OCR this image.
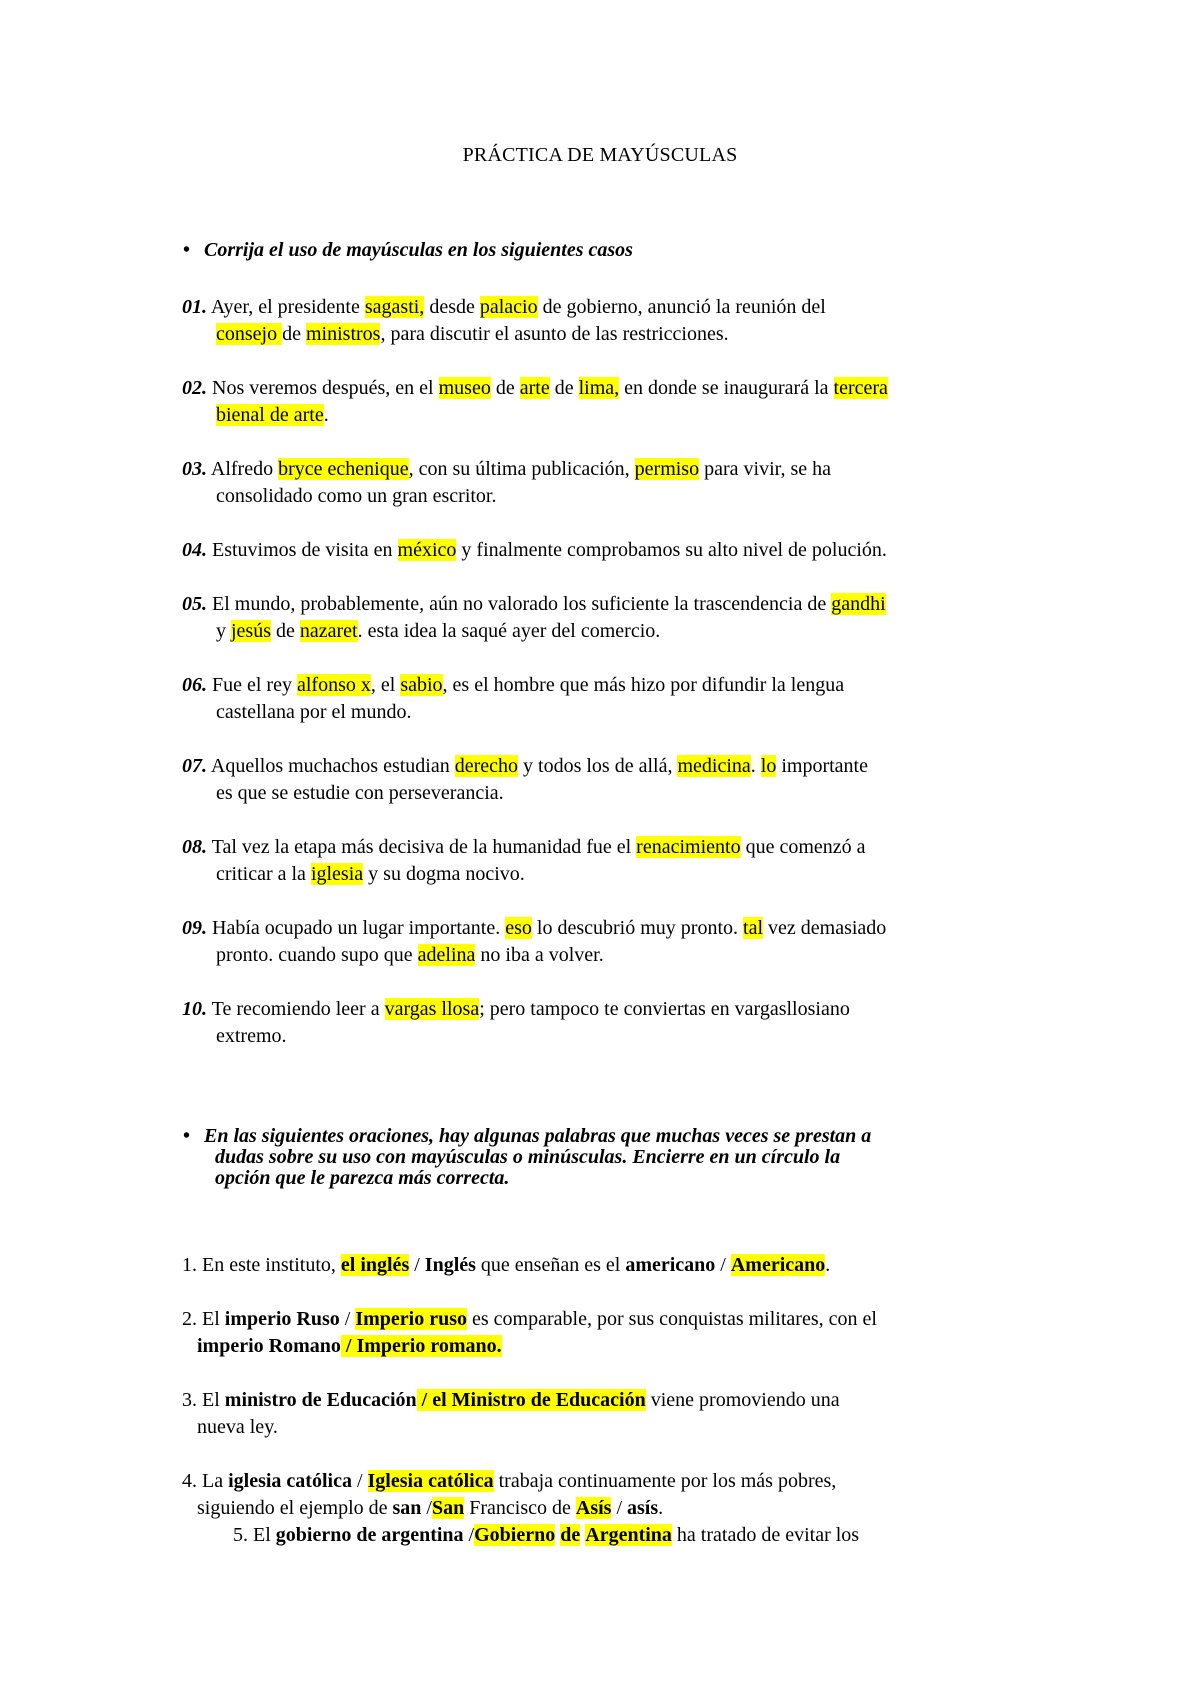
PRÁCTICA DE MAYÚSCULAS
• Corrija el uso de mayúsculas en los siguientes casos
01. Ayer, el presidente sagasti, desde palacio de gobierno, anunció la reunión del
consejo de ministros, para discutir el asunto de las restricciones.
02. Nos veremos después, en el museo de arte de lima, en donde se inaugurará la tercera
bienal de arte.
03. Alfredo bryce echenique, con su última publicación, permiso para vivir, se ha
consolidado como un gran escritor.
04. Estuvimos de visita en méxico y finalmente comprobamos su alto nivel de polución.
05. El mundo, probablemente, aún no valorado los suficiente la trascendencia de gandhi
y jesús de nazaret. esta idea la saqué ayer del comercio.
06. Fue el rey alfonso x, el sabio, es el hombre que más hizo por difundir la lengua
castellana por el mundo.
07. Aquellos muchachos estudian derecho y todos los de allá, medicina. lo importante
es que se estudie con perseverancia.
08. Tal vez la etapa más decisiva de la humanidad fue el renacimiento que comenzó a
criticar a la iglesia y su dogma nocivo.
09. Había ocupado un lugar importante. eso lo descubrió muy pronto. tal vez demasiado
pronto. cuando supo que adelina no iba a volver.
10. Te recomiendo leer a vargas llosa; pero tampoco te conviertas en vargasllosiano
extremo.
• En las siguientes oraciones, hay algunas palabras que muchas veces se prestan a
dudas sobre su uso con mayúsculas o minúsculas. Encierre en un círculo la
opción que le parezca más correcta.
1. En este instituto, el inglés / Inglés que enseñan es el americano / Americano.
2. El imperio Ruso / Imperio ruso es comparable, por sus conquistas militares, con el
imperio Romano / Imperio romano.
3. El ministro de Educación / el Ministro de Educación viene promoviendo una
nueva ley.
4. La iglesia católica / Iglesia católica trabaja continuamente por los más pobres,
siguiendo el ejemplo de san /San Francisco de Asís / asís.
5. El gobierno de argentina /Gobierno de Argentina ha tratado de evitar los
